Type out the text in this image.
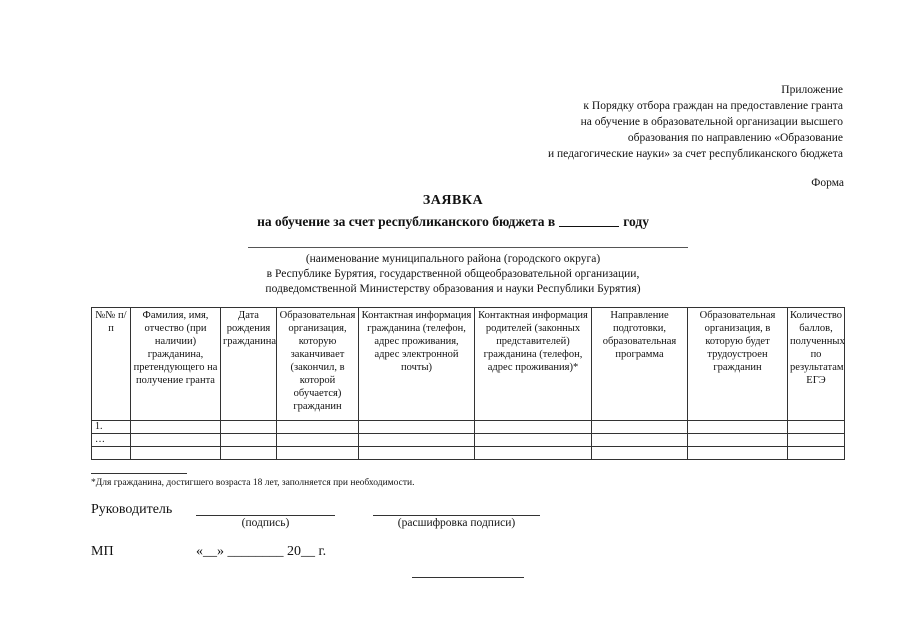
Приложение
к Порядку отбора граждан на предоставление гранта
на обучение в образовательной организации высшего
образования по направлению «Образование
и педагогические науки» за счет республиканского бюджета
Форма
ЗАЯВКА
на обучение за счет республиканского бюджета в	году
(наименование муниципального района (городского округа)
в Республике Бурятия, государственной общеобразовательной организации,
подведомственной Министерству образования и науки Республики Бурятия)
№№ п/п	Фамилия, имя, отчество (при наличии) гражданина, претендующего на получение гранта	Дата рождения гражданина	Образовательная организация, которую заканчивает (закончил, в которой обучается) гражданин	Контактная информация гражданина (телефон, адрес проживания, адрес электронной почты)	Контактная информация родителей (законных представителей) гражданина (телефон, адрес проживания)*	Направление подготовки, образовательная программа	Образовательная организация, в которую будет трудоустроен гражданин	Количество баллов, полученных по результатам ЕГЭ
1.								
…								

*Для гражданина, достигшего возраста 18 лет, заполняется при необходимости.
Руководитель
(подпись)	(расшифровка подписи)
МП	«__» ________ 20__ г.
